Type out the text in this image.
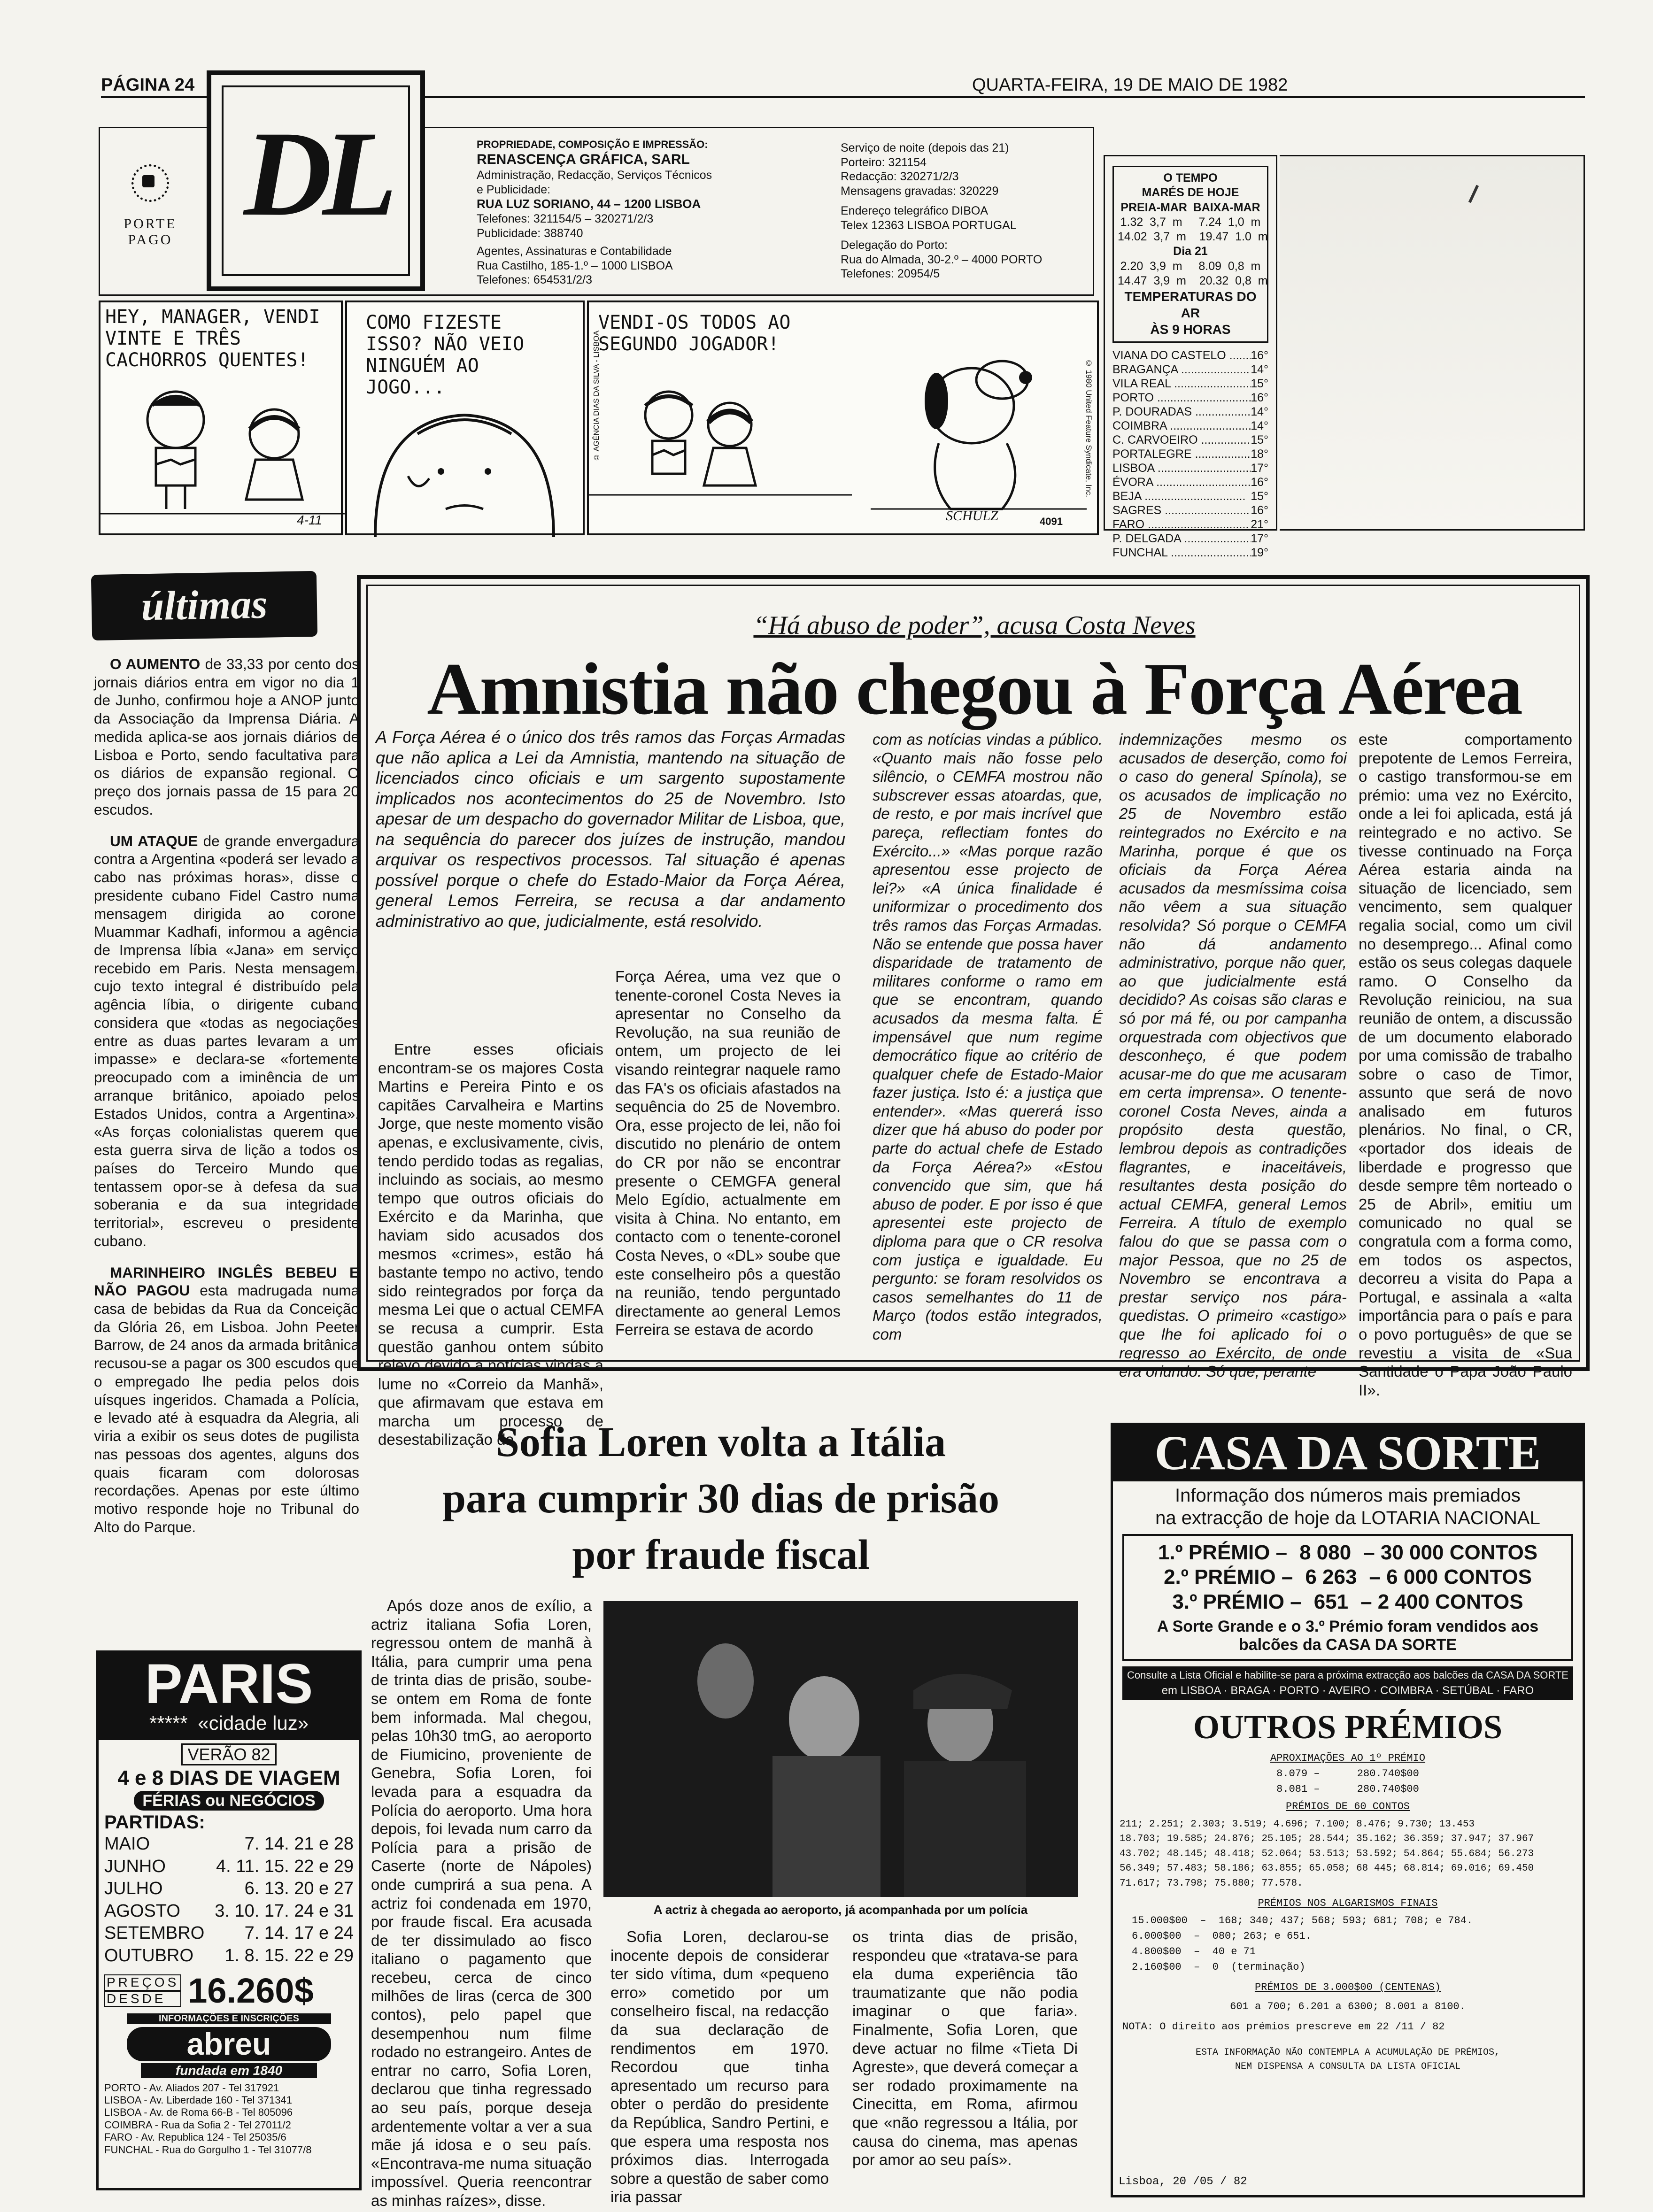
PÁGINA 24	QUARTA-FEIRA, 19 DE MAIO DE 1982
PORTE
PAGO DL	PROPRIEDADE, COMPOSIÇÃO E IMPRESSÃO:
RENASCENÇA GRÁFICA, SARL
Administração, Redacção, Serviços Técnicos
e Publicidade:
RUA LUZ SORIANO, 44 – 1200 LISBOA
Telefones: 321154/5 – 320271/2/3
Publicidade: 388740
Agentes, Assinaturas e Contabilidade
Rua Castilho, 185-1.º – 1000 LISBOA
Telefones: 654531/2/3
Serviço de noite (depois das 21)
Porteiro: 321154
Redacção: 320271/2/3
Mensagens gravadas: 320229
Endereço telegráfico DIBOA
Telex 12363 LISBOA PORTUGAL
Delegação do Porto:
Rua do Almada, 30-2.º – 4000 PORTO
Telefones: 20954/5
O TEMPO
MARÉS DE HOJE
PREIA-MAR BAIXA-MAR
1.32  3,7  m     7.24  1,0  m
14.02  3,7  m    19.47  1.0  m
Dia 21
2.20  3,9  m     8.09  0,8  m
14.47  3,9  m    20.32  0,8  m
TEMPERATURAS DO AR
ÀS 9 HORAS
VIANA DO CASTELO .....	16°
BRAGANÇA .....	14°
VILA REAL .....	15°
PORTO .....	16°
P. DOURADAS .....	14°
COIMBRA .....	14°
C. CARVOEIRO .....	15°
PORTALEGRE .....	18°
LISBOA .....	17°
ÉVORA .....	16°
BEJA .....	15°
SAGRES .....	16°
FARO .....	21°
P. DELGADA .....	17°
FUNCHAL .....	19°
HEY, MANAGER, VENDI VINTE E TRÊS CACHORROS QUENTES!
4-11
COMO FIZESTE ISSO? NÃO VEIO NINGUÉM AO JOGO...
VENDI-OS TODOS AO SEGUNDO JOGADOR!
© AGÊNCIA DIAS DA SILVA - LISBOA	© 1980 United Feature Syndicate, Inc.
SCHULZ	4091
últimas

O AUMENTO de 33,33 por cento dos jornais diários entra em vigor no dia 1 de Junho, confirmou hoje a ANOP junto da Associação da Imprensa Diária. A medida aplica-se aos jornais diários de Lisboa e Porto, sendo facultativa para os diários de expansão regional. O preço dos jornais passa de 15 para 20 escudos.

UM ATAQUE de grande envergadura contra a Argentina «poderá ser levado a cabo nas próximas horas», disse o presidente cubano Fidel Castro numa mensagem dirigida ao coronel Muammar Kadhafi, informou a agência de Imprensa líbia «Jana» em serviço recebido em Paris. Nesta mensagem, cujo texto integral é distribuído pela agência líbia, o dirigente cubano considera que «todas as negociações entre as duas partes levaram a um impasse» e declara-se «fortemente preocupado com a iminência de um arranque britânico, apoiado pelos Estados Unidos, contra a Argentina». «As forças colonialistas querem que esta guerra sirva de lição a todos os países do Terceiro Mundo que tentassem opor-se à defesa da sua soberania e da sua integridade territorial», escreveu o presidente cubano.

MARINHEIRO INGLÊS BEBEU E NÃO PAGOU esta madrugada numa casa de bebidas da Rua da Conceição da Glória 26, em Lisboa. John Peeter Barrow, de 24 anos da armada britânica recusou-se a pagar os 300 escudos que o empregado lhe pedia pelos dois uísques ingeridos. Chamada a Polícia, e levado até à esquadra da Alegria, ali viria a exibir os seus dotes de pugilista nas pessoas dos agentes, alguns dos quais ficaram com dolorosas recordações. Apenas por este último motivo responde hoje no Tribunal do Alto do Parque.

“Há abuso de poder”, acusa Costa Neves
Amnistia não chegou à Força Aérea
A Força Aérea é o único dos três ramos das Forças Armadas que não aplica a Lei da Amnistia, mantendo na situação de licenciados cinco oficiais e um sargento supostamente implicados nos acontecimentos do 25 de Novembro. Isto apesar de um despacho do governador Militar de Lisboa, que, na sequência do parecer dos juízes de instrução, mandou arquivar os respectivos processos. Tal situação é apenas possível porque o chefe do Estado-Maior da Força Aérea, general Lemos Ferreira, se recusa a dar andamento administrativo ao que, judicialmente, está resolvido.

Entre esses oficiais encontram-se os majores Costa Martins e Pereira Pinto e os capitães Carvalheira e Martins Jorge, que neste momento visão apenas, e exclusivamente, civis, tendo perdido todas as regalias, incluindo as sociais, ao mesmo tempo que outros oficiais do Exército e da Marinha, que haviam sido acusados dos mesmos «crimes», estão há bastante tempo no activo, tendo sido reintegrados por força da mesma Lei que o actual CEMFA se recusa a cumprir. Esta questão ganhou ontem súbito relevo devido a notícias vindas a lume no «Correio da Manhã», que afirmavam que estava em marcha um processo de desestabilização da

Força Aérea, uma vez que o tenente-coronel Costa Neves ia apresentar no Conselho da Revolução, na sua reunião de ontem, um projecto de lei visando reintegrar naquele ramo das FA's os oficiais afastados na sequência do 25 de Novembro. Ora, esse projecto de lei, não foi discutido no plenário de ontem do CR por não se encontrar presente o CEMGFA general Melo Egídio, actualmente em visita à China. No entanto, em contacto com o tenente-coronel Costa Neves, o «DL» soube que este conselheiro pôs a questão na reunião, tendo perguntado directamente ao general Lemos Ferreira se estava de acordo

com as notícias vindas a público. «Quanto mais não fosse pelo silêncio, o CEMFA mostrou não subscrever essas atoardas, que, de resto, e por mais incrível que pareça, reflectiam fontes do Exército...» «Mas porque razão apresentou esse projecto de lei?» «A única finalidade é uniformizar o procedimento dos três ramos das Forças Armadas. Não se entende que possa haver disparidade de tratamento de militares conforme o ramo em que se encontram, quando acusados da mesma falta. É impensável que num regime democrático fique ao critério de qualquer chefe de Estado-Maior fazer justiça. Isto é: a justiça que entender». «Mas quererá isso dizer que há abuso do poder por parte do actual chefe de Estado da Força Aérea?» «Estou convencido que sim, que há abuso de poder. E por isso é que apresentei este projecto de diploma para que o CR resolva com justiça e igualdade. Eu pergunto: se foram resolvidos os casos semelhantes do 11 de Março (todos estão integrados, com

indemnizações mesmo os acusados de deserção, como foi o caso do general Spínola), se os acusados de implicação no 25 de Novembro estão reintegrados no Exército e na Marinha, porque é que os oficiais da Força Aérea acusados da mesmíssima coisa não vêem a sua situação resolvida? Só porque o CEMFA não dá andamento administrativo, porque não quer, ao que judicialmente está decidido? As coisas são claras e só por má fé, ou por campanha orquestrada com objectivos que desconheço, é que podem acusar-me do que me acusaram em certa imprensa». O tenente-coronel Costa Neves, ainda a propósito desta questão, lembrou depois as contradições flagrantes, e inaceitáveis, resultantes desta posição do actual CEMFA, general Lemos Ferreira. A título de exemplo falou do que se passa com o major Pessoa, que no 25 de Novembro se encontrava a prestar serviço nos pára-quedistas. O primeiro «castigo» que lhe foi aplicado foi o regresso ao Exército, de onde era oriundo. Só que, perante

este comportamento prepotente de Lemos Ferreira, o castigo transformou-se em prémio: uma vez no Exército, onde a lei foi aplicada, está já reintegrado e no activo. Se tivesse continuado na Força Aérea estaria ainda na situação de licenciado, sem vencimento, sem qualquer regalia social, como um civil no desemprego... Afinal como estão os seus colegas daquele ramo. O Conselho da Revolução reiniciou, na sua reunião de ontem, a discussão de um documento elaborado por uma comissão de trabalho sobre o caso de Timor, assunto que será de novo analisado em futuros plenários. No final, o CR, «portador dos ideais de liberdade e progresso que desde sempre têm norteado o 25 de Abril», emitiu um comunicado no qual se congratula com a forma como, em todos os aspectos, decorreu a visita do Papa a Portugal, e assinala a «alta importância para o país e para o povo português» de que se revestiu a visita de «Sua Santidade o Papa João Paulo II».

Sofia Loren volta a Itália
para cumprir 30 dias de prisão
por fraude fiscal

Após doze anos de exílio, a actriz italiana Sofia Loren, regressou ontem de manhã à Itália, para cumprir uma pena de trinta dias de prisão, soube-se ontem em Roma de fonte bem informada. Mal chegou, pelas 10h30 tmG, ao aeroporto de Fiumicino, proveniente de Genebra, Sofia Loren, foi levada para a esquadra da Polícia do aeroporto. Uma hora depois, foi levada num carro da Polícia para a prisão de Caserte (norte de Nápoles) onde cumprirá a sua pena. A actriz foi condenada em 1970, por fraude fiscal. Era acusada de ter dissimulado ao fisco italiano o pagamento que recebeu, cerca de cinco milhões de liras (cerca de 300 contos), pelo papel que desempenhou num filme rodado no estrangeiro. Antes de entrar no carro, Sofia Loren, declarou que tinha regressado ao seu país, porque deseja ardentemente voltar a ver a sua mãe já idosa e o seu país. «Encontrava-me numa situação impossível. Queria reencontrar as minhas raízes», disse.

A actriz à chegada ao aeroporto, já acompanhada por um polícia

Sofia Loren, declarou-se inocente depois de considerar ter sido vítima, dum «pequeno erro» cometido por um conselheiro fiscal, na redacção da sua declaração de rendimentos em 1970. Recordou que tinha apresentado um recurso para obter o perdão do presidente da República, Sandro Pertini, e que espera uma resposta nos próximos dias. Interrogada sobre a questão de saber como iria passar

os trinta dias de prisão, respondeu que «tratava-se para ela duma experiência tão traumatizante que não podia imaginar o que faria». Finalmente, Sofia Loren, que deve actuar no filme «Tieta Di Agreste», que deverá começar a ser rodado proximamente na Cinecitta, em Roma, afirmou que «não regressou a Itália, por causa do cinema, mas apenas por amor ao seu país».

PARIS
***** «cidade luz»
VERÃO 82
4 e 8 DIAS DE VIAGEM
FÉRIAS ou NEGÓCIOS
PARTIDAS:
MAIO	7. 14. 21 e 28
JUNHO	4. 11. 15. 22 e 29
JULHO	6. 13. 20 e 27
AGOSTO 3. 10. 17. 24 e 31
SETEMBRO 7. 14. 17 e 24
OUTUBRO 1. 8. 15. 22 e 29
PREÇOS
DESDE 16.260$
INFORMAÇÕES E INSCRIÇÕES
abreu
fundada em 1840
PORTO - Av. Aliados 207 - Tel 317921
LISBOA - Av. Liberdade 160 - Tel 371341
LISBOA - Av. de Roma 66-B - Tel 805096
COIMBRA - Rua da Sofia 2 - Tel 27011/2
FARO - Av. Republica 124 - Tel 25035/6
FUNCHAL - Rua do Gorgulho 1 - Tel 31077/8
CASA DA SORTE
Informação dos números mais premiados
na extracção de hoje da LOTARIA NACIONAL
1.º PRÉMIO – 8 080 – 30 000 CONTOS
2.º PRÉMIO – 6 263 – 6 000 CONTOS
3.º PRÉMIO – 651 – 2 400 CONTOS
A Sorte Grande e o 3.º Prémio foram vendidos aos
balcões da CASA DA SORTE
Consulte a Lista Oficial e habilite-se para a próxima extracção aos balcões da CASA DA SORTE
em LISBOA · BRAGA · PORTO · AVEIRO · COIMBRA · SETÚBAL · FARO
OUTROS PRÉMIOS
APROXIMAÇÕES AO 1º PRÉMIO
8.079 –      280.740$00
8.081 –      280.740$00
PRÉMIOS DE 60 CONTOS
211; 2.251; 2.303; 3.519; 4.696; 7.100; 8.476; 9.730; 13.453
18.703; 19.585; 24.876; 25.105; 28.544; 35.162; 36.359; 37.947; 37.967
43.702; 48.145; 48.418; 52.064; 53.513; 53.592; 54.864; 55.684; 56.273
56.349; 57.483; 58.186; 63.855; 65.058; 68 445; 68.814; 69.016; 69.450
71.617; 73.798; 75.880; 77.578.
PRÉMIOS NOS ALGARISMOS FINAIS
15.000$00  –  168; 340; 437; 568; 593; 681; 708; e 784.
6.000$00  –  080; 263; e 651.
4.800$00  –  40 e 71
2.160$00  –  0  (terminação)
PRÉMIOS DE 3.000$00 (CENTENAS)
601 a 700; 6.201 a 6300; 8.001 a 8100.
NOTA: O direito aos prémios prescreve em 22 /11 / 82
ESTA INFORMAÇÃO NÃO CONTEMPLA A ACUMULAÇÃO DE PRÉMIOS,
NEM DISPENSA A CONSULTA DA LISTA OFICIAL
Lisboa, 20 /05 / 82
